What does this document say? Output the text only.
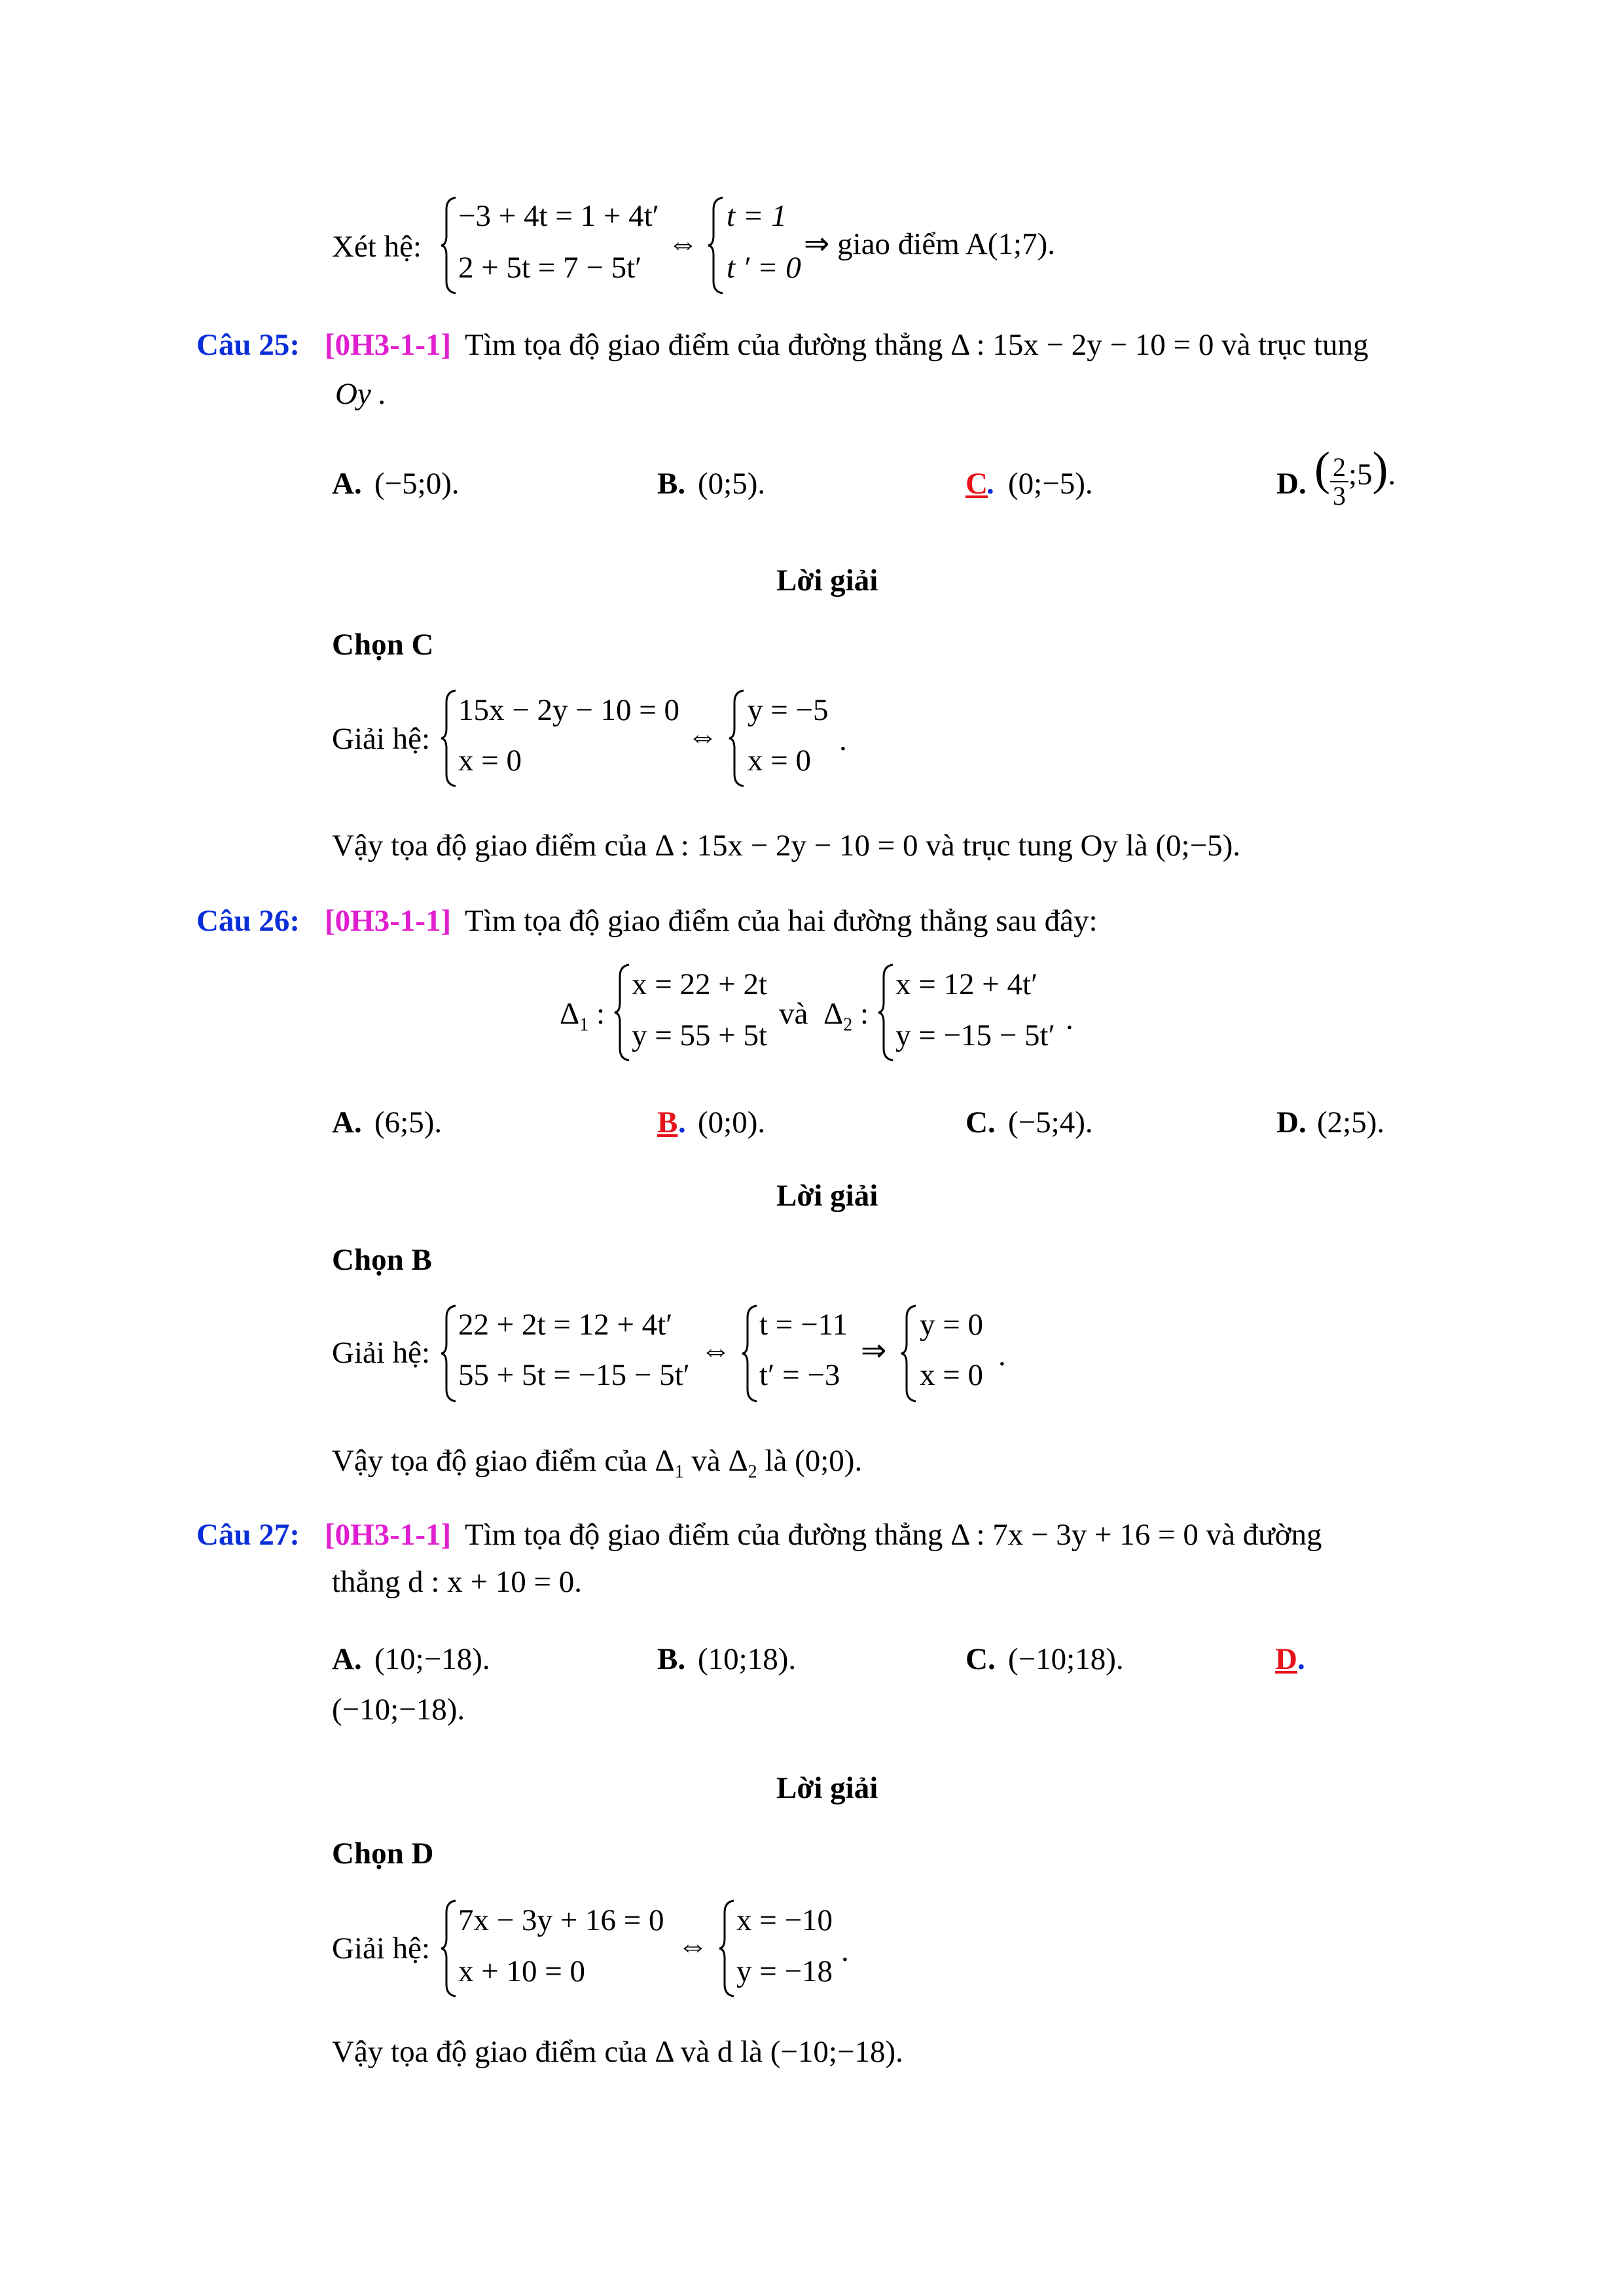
Xét hệ:
−3 + 4t = 1 + 4t′
2 + 5t = 7 − 5t′
⇔
t = 1
t ′ = 0
⇒ giao điểm A(1;7).
Câu 25: [0H3-1-1] Tìm tọa độ giao điểm của đường thẳng Δ : 15x − 2y − 10 = 0 và trục tung
Oy .
A. (−5;0).	B. (0;5).	C
. (0;−5).	D. ( $\frac{2}{3}$ ;5).
Lời giải
Chọn C
Giải hệ:
15x − 2y − 10 = 0
x = 0
⇔
y = −5
x = 0
.
Vậy tọa độ giao điểm của Δ : 15x − 2y − 10 = 0 và trục tung Oy là (0;−5).
Câu 26: [0H3-1-1] Tìm tọa độ giao điểm của hai đường thẳng sau đây:
$\Delta_1$ :
x = 22 + 2t
y = 55 + 5t
và $\Delta_2$ :
x = 12 + 4t′
y = −15 − 5t′ .
A. (6;5).	B . (0;0).	C. (−5;4).	D. (2;5).
Lời giải
Chọn B
Giải hệ:
22 + 2t = 12 + 4t′
55 + 5t = −15 − 5t′
⇔
t = −11
t′ = −3
⇒
y = 0
x = 0
.
Vậy tọa độ giao điểm của $\Delta_1$ và $\Delta_2$ là (0;0).
Câu 27: [0H3-1-1] Tìm tọa độ giao điểm của đường thẳng Δ : 7x − 3y + 16 = 0 và đường
thẳng d : x + 10 = 0.
A. (10;−18).	B. (10;18).	C. (−10;18).	D .
(−10;−18).
Lời giải
Chọn D
Giải hệ:
7x − 3y + 16 = 0
x + 10 = 0
⇔
x = −10
y = −18
.
Vậy tọa độ giao điểm của Δ và d là (−10;−18).
